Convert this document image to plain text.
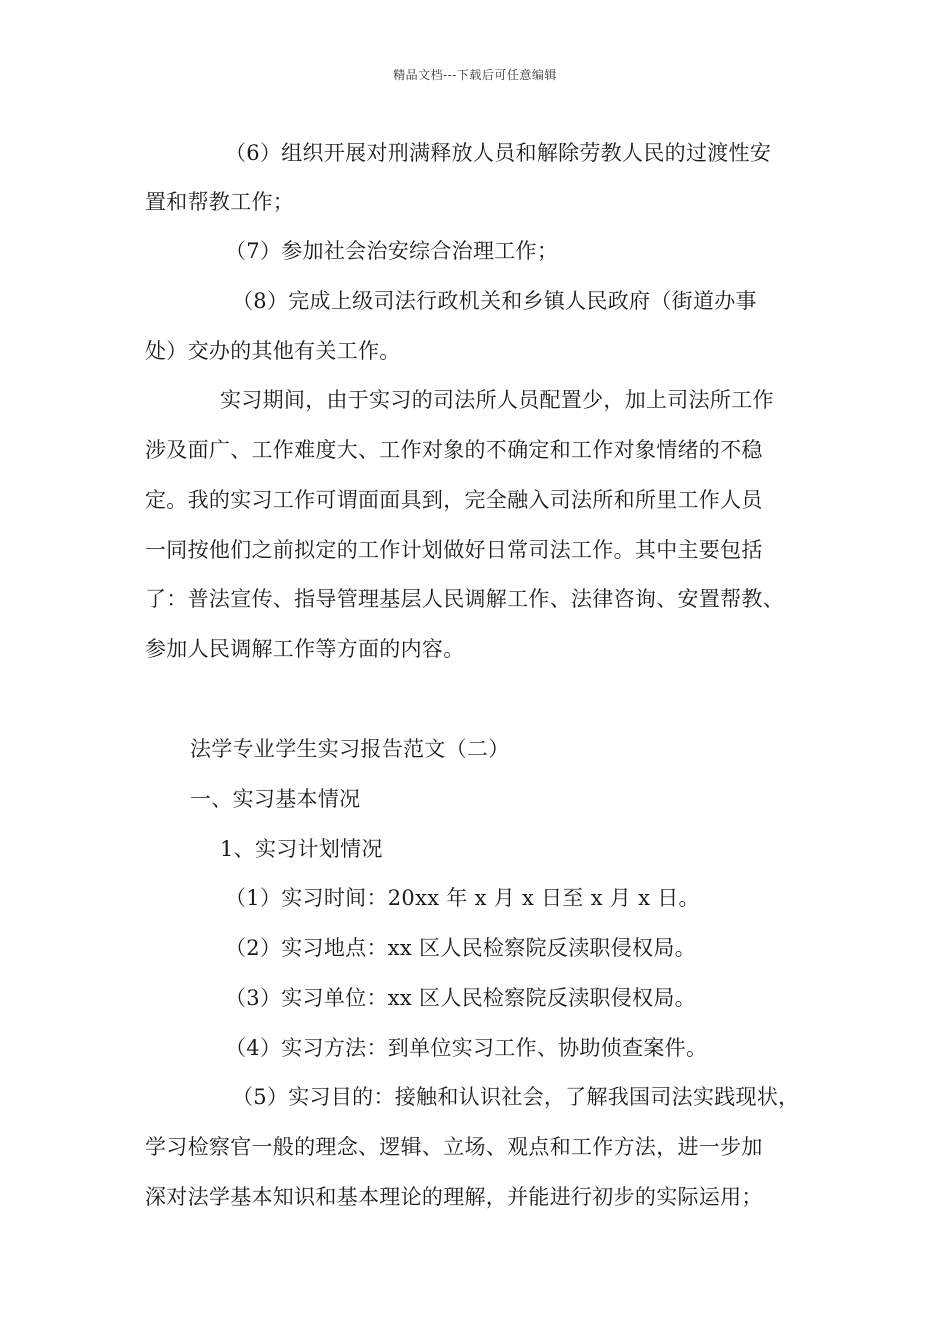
精品文档---下载后可任意编辑
（6）组织开展对刑满释放人员和解除劳教人民的过渡性安
置和帮教工作；
（7）参加社会治安综合治理工作；
（8）完成上级司法行政机关和乡镇人民政府（街道办事
处）交办的其他有关工作。
实习期间，由于实习的司法所人员配置少，加上司法所工作
涉及面广、工作难度大、工作对象的不确定和工作对象情绪的不稳
定。我的实习工作可谓面面具到，完全融入司法所和所里工作人员
一同按他们之前拟定的工作计划做好日常司法工作。其中主要包括
了：普法宣传、指导管理基层人民调解工作、法律咨询、安置帮教、
参加人民调解工作等方面的内容。
法学专业学生实习报告范文（二）
一、实习基本情况
1、实习计划情况
（1）实习时间：20xx 年 x 月 x 日至 x 月 x 日。
（2）实习地点：xx 区人民检察院反渎职侵权局。
（3）实习单位：xx 区人民检察院反渎职侵权局。
（4）实习方法：到单位实习工作、协助侦查案件。
（5）实习目的：接触和认识社会，了解我国司法实践现状，
学习检察官一般的理念、逻辑、立场、观点和工作方法，进一步加
深对法学基本知识和基本理论的理解，并能进行初步的实际运用；
